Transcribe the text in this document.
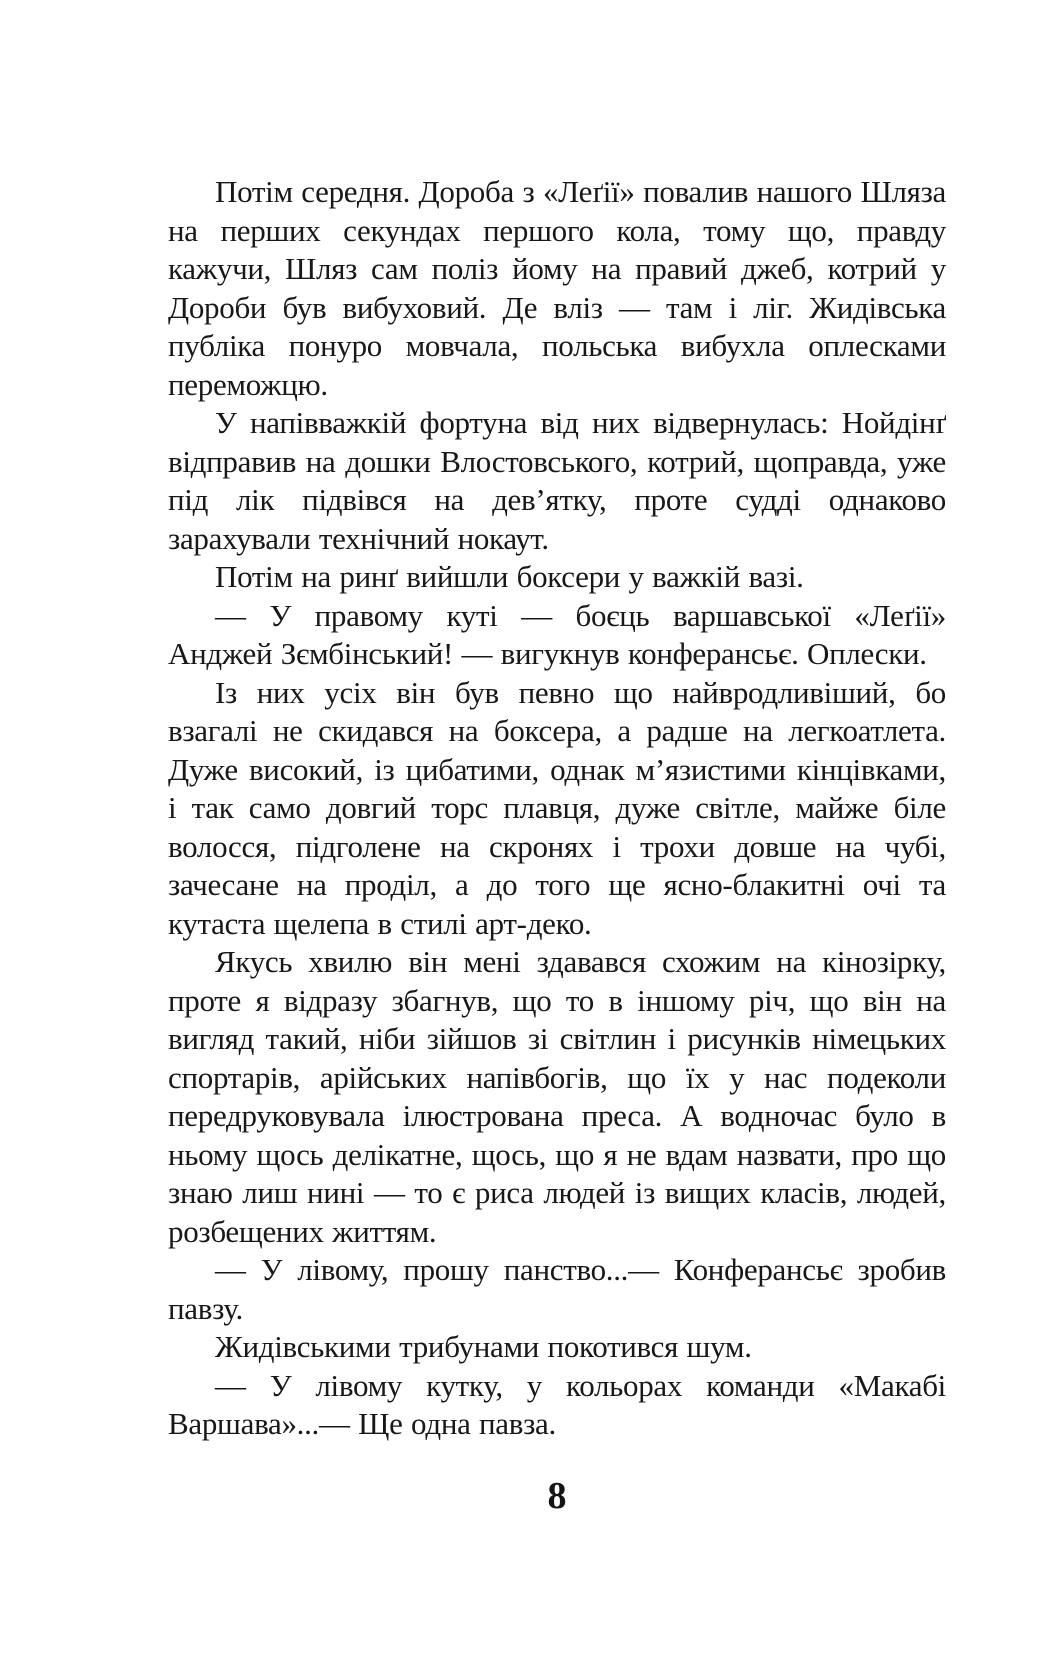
Потім середня. Дороба з «Леґії» повалив нашого Шляза на перших секундах першого кола, тому що, правду кажучи, Шляз сам поліз йому на правий джеб, котрий у Дороби був вибуховий. Де вліз — там і ліг. Жидівська публіка понуро мовчала, польська вибухла оплесками переможцю.

У напівважкій фортуна від них відвернулась: Нойдінґ відправив на дошки Влостовського, котрий, щоправда, уже під лік підвівся на дев’ятку, проте судді однаково зарахували технічний нокаут.

Потім на ринґ вийшли боксери у важкій вазі.

— У правому куті — боєць варшавської «Леґії» Анджей Зємбінський! — вигукнув конферансьє. Оплески.

Із них усіх він був певно що найвродливіший, бо взагалі не скидався на боксера, а радше на легкоатлета. Дуже високий, із цибатими, однак м’язистими кінцівками, і так само довгий торс плавця, дуже світле, майже біле волосся, підголене на скронях і трохи довше на чубі, зачесане на проділ, а до того ще ясно-блакитні очі та кутаста щелепа в стилі арт-деко.

Якусь хвилю він мені здавався схожим на кінозірку, проте я відразу збагнув, що то в іншому річ, що він на вигляд такий, ніби зійшов зі світлин і рисунків німецьких спортарів, арійських напівбогів, що їх у нас подеколи передруковувала ілюстрована преса. А водночас було в ньому щось делікатне, щось, що я не вдам назвати, про що знаю лиш нині — то є риса людей із вищих класів, людей, розбещених життям.

— У лівому, прошу панство...— Конферансьє зробив павзу.

Жидівськими трибунами покотився шум.

— У лівому кутку, у кольорах команди «Макабі Варшава»...— Ще одна павза.

8
